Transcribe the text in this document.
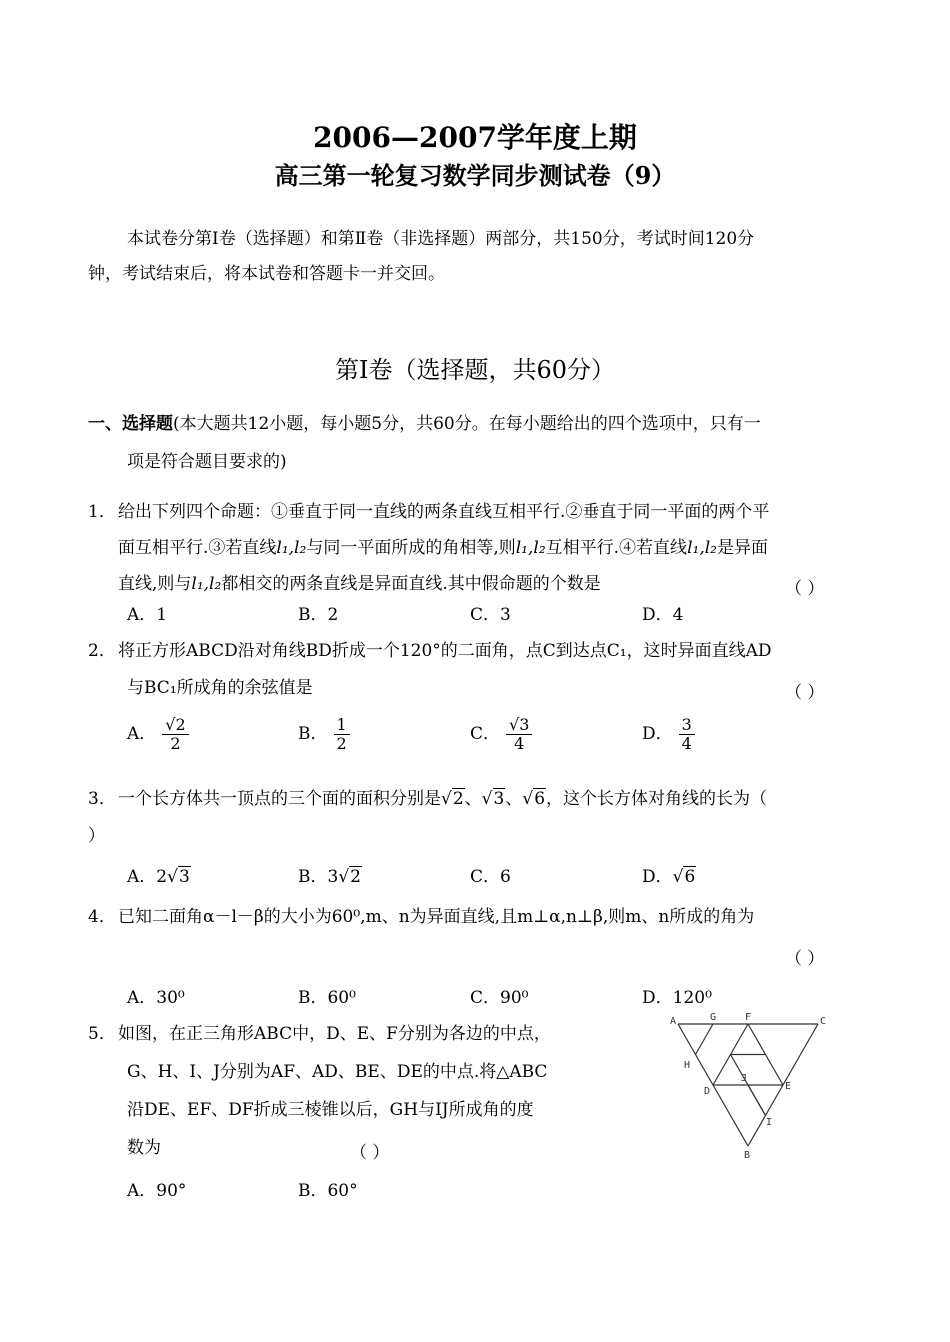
2006—2007学年度上期
高三第一轮复习数学同步测试卷（9）
本试卷分第Ⅰ卷（选择题）和第Ⅱ卷（非选择题）两部分，共150分，考试时间120分
钟，考试结束后，将本试卷和答题卡一并交回。
第Ⅰ卷（选择题，共60分）
一、选择题(本大题共12小题，每小题5分，共60分。在每小题给出的四个选项中，只有一
项是符合题目要求的)
1． 给出下列四个命题：①垂直于同一直线的两条直线互相平行.②垂直于同一平面的两个平
面互相平行.③若直线l₁,l₂与同一平面所成的角相等,则l₁,l₂互相平行.④若直线l₁,l₂是异面
直线,则与l₁,l₂都相交的两条直线是异面直线.其中假命题的个数是	（ ）
A．1	B．2	C．3	D．4
2． 将正方形ABCD沿对角线BD折成一个120°的二面角，点C到达点C₁，这时异面直线AD
与BC₁所成角的余弦值是	（ ）
A． $\frac{√2}{2}$	B． $\frac{1}{2}$	C． $\frac{√3}{4}$	D． $\frac{3}{4}$
3． 一个长方体共一顶点的三个面的面积分别是√2、√3、√6，这个长方体对角线的长为（
）
A．2√3	B．3√2	C．6	D．√6
4． 已知二面角α－l－β的大小为60⁰,m、n为异面直线,且m⊥α,n⊥β,则m、n所成的角为
（ ）
A．30⁰	B．60⁰	C．90⁰	D．120⁰
5． 如图，在正三角形ABC中，D、E、F分别为各边的中点，
G、H、I、J分别为AF、AD、BE、DE的中点.将△ABC
沿DE、EF、DF折成三棱锥以后，GH与IJ所成角的度
数为	（ ）
A．90°	B．60°
A	G	F	C
H
D
J
E
I
B
